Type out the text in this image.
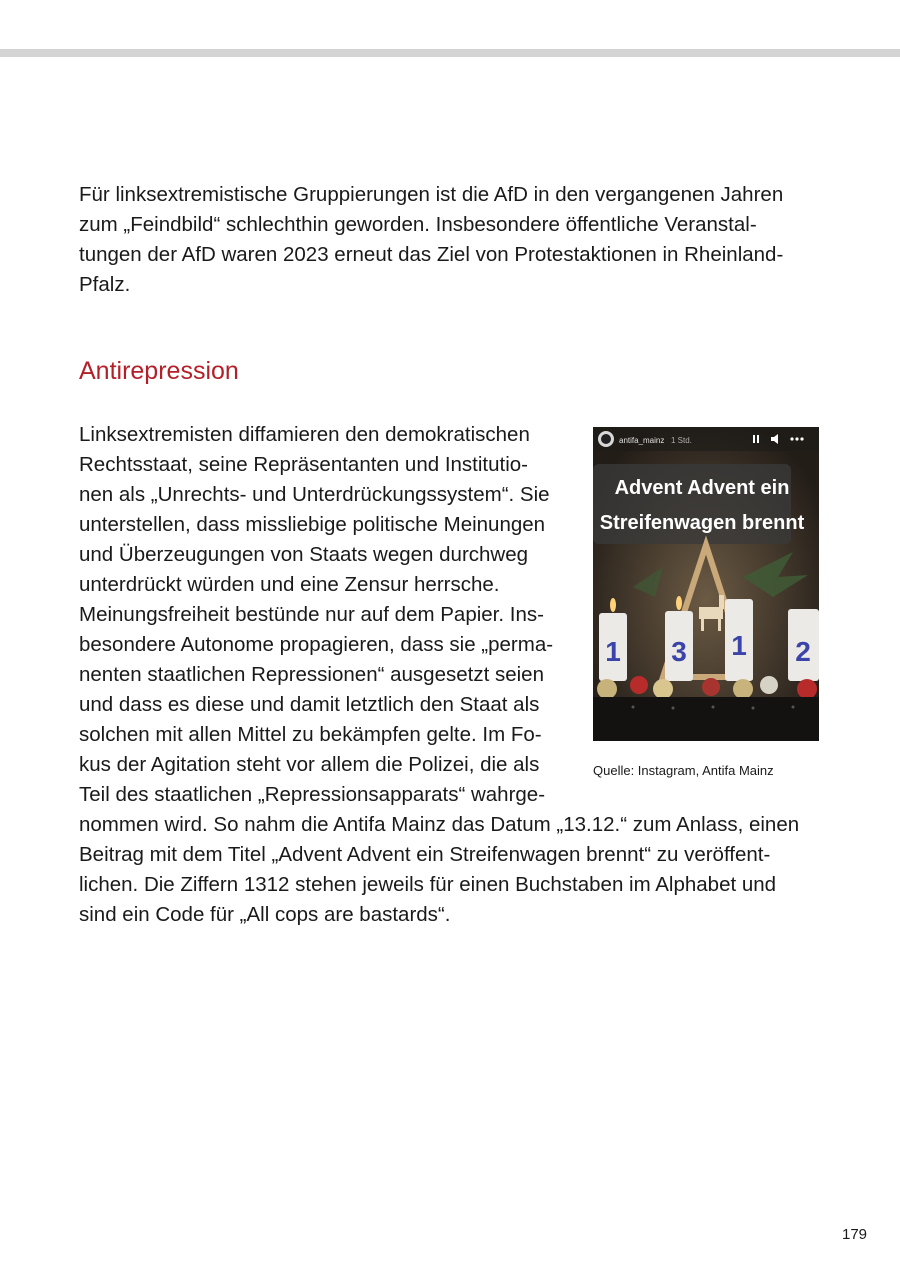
Für linksextremistische Gruppierungen ist die AfD in den vergangenen Jahren
zum „Feindbild“ schlechthin geworden. Insbesondere öffentliche Veranstal-
tungen der AfD waren 2023 erneut das Ziel von Protestaktionen in Rheinland-
Pfalz.
Antirepression
Linksextremisten diffamieren den demokratischen
Rechtsstaat, seine Repräsentanten und Institutio-
nen als „Unrechts- und Unterdrückungssystem“. Sie
unterstellen, dass missliebige politische Meinungen
und Überzeugungen von Staats wegen durchweg
unterdrückt würden und eine Zensur herrsche.
Meinungsfreiheit bestünde nur auf dem Papier. Ins-
besondere Autonome propagieren, dass sie „perma-
nenten staatlichen Repressionen“ ausgesetzt seien
und dass es diese und damit letztlich den Staat als
solchen mit allen Mittel zu bekämpfen gelte. Im Fo-
kus der Agitation steht vor allem die Polizei, die als
Teil des staatlichen „Repressionsapparats“ wahrge-
nommen wird. So nahm die Antifa Mainz das Datum „13.12.“ zum Anlass, einen
Beitrag mit dem Titel „Advent Advent ein Streifenwagen brennt“ zu veröffent-
lichen. Die Ziffern 1312 stehen jeweils für einen Buchstaben im Alphabet und
sind ein Code für „All cops are bastards“.
antifa_mainz 1 Std.
Advent Advent ein
Streifenwagen brennt
1 3 1 2
Quelle: Instagram, Antifa Mainz
179
